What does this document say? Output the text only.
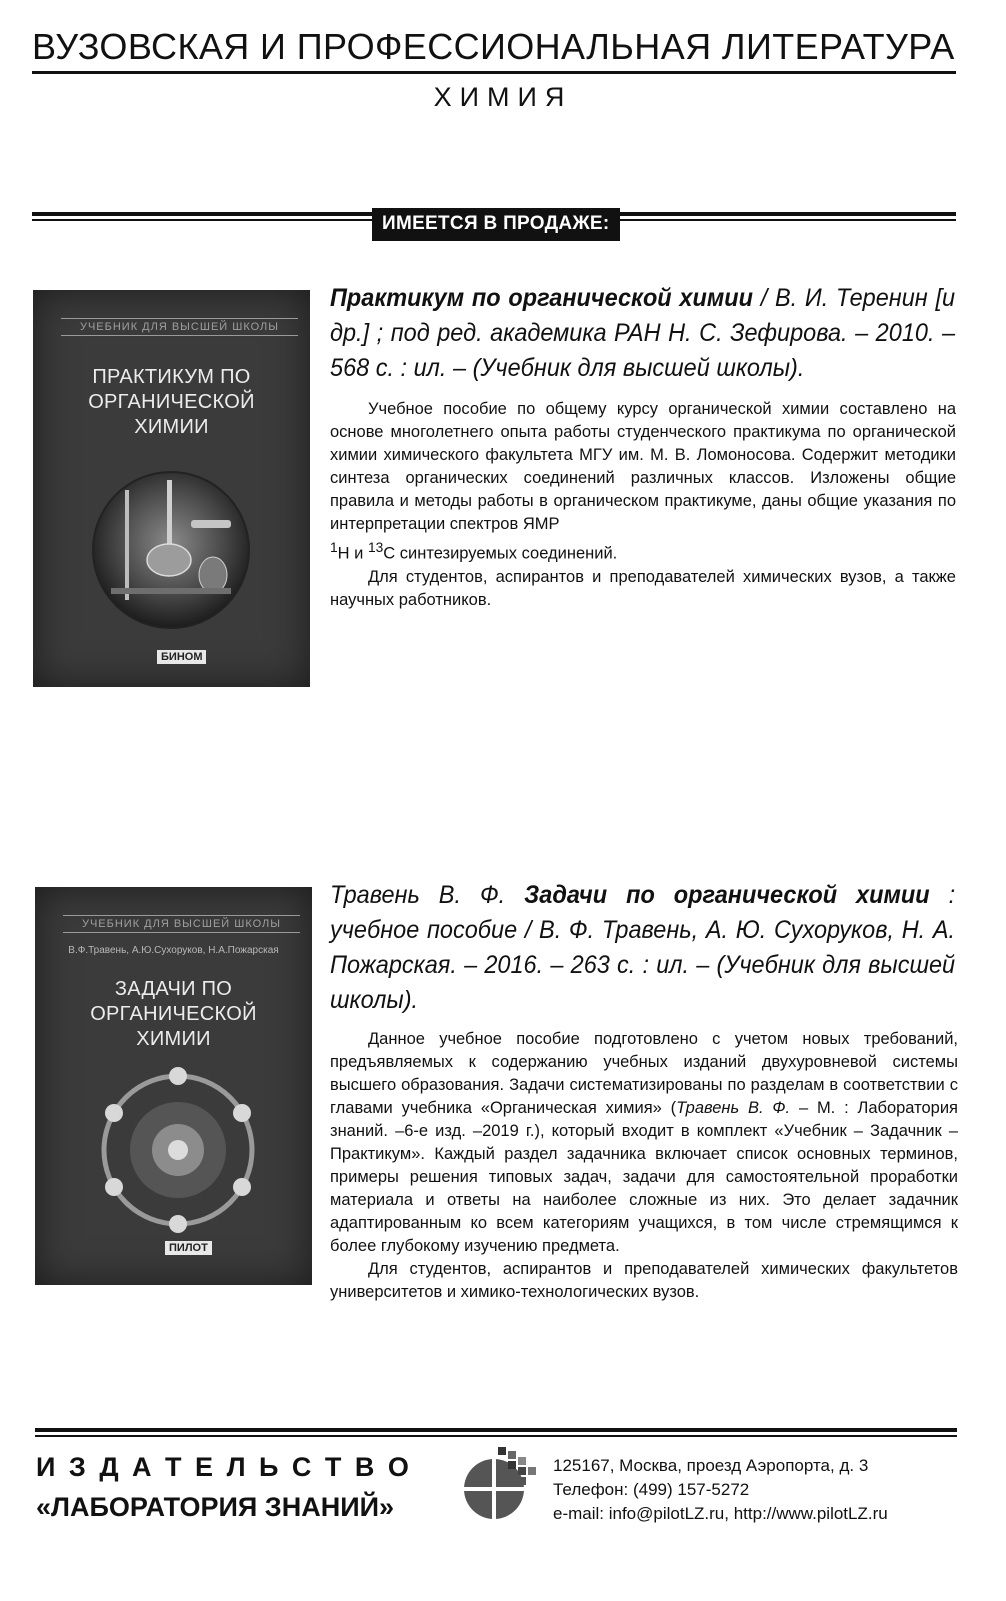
ВУЗОВСКАЯ И ПРОФЕССИОНАЛЬНАЯ ЛИТЕРАТУРА
ХИМИЯ
ИМЕЕТСЯ В ПРОДАЖЕ:
УЧЕБНИК ДЛЯ ВЫСШЕЙ ШКОЛЫ
ПРАКТИКУМ ПО ОРГАНИЧЕСКОЙ ХИМИИ
БИНОМ
Практикум по органической химии / В. И. Теренин [и др.] ; под ред. академика РАН Н. С. Зефирова. – 2010. – 568 с. : ил. – (Учебник для высшей школы).

Учебное пособие по общему курсу органической химии составлено на основе многолетнего опыта работы студенческого практикума по органической химии химического факультета МГУ им. М. В. Ломоносова. Содержит методики синтеза органических соединений различных классов. Изложены общие правила и методы работы в органическом практикуме, даны общие указания по интерпретации спектров ЯМР
$^1$H и $^{13}$C синтезируемых соединений.

Для студентов, аспирантов и преподавателей химических вузов, а также научных работников.

УЧЕБНИК ДЛЯ ВЫСШЕЙ ШКОЛЫ
В.Ф.Травень, А.Ю.Сухоруков, Н.А.Пожарская
ЗАДАЧИ ПО ОРГАНИЧЕСКОЙ ХИМИИ
ПИЛОТ
Травень В. Ф. Задачи по органической химии : учебное пособие / В. Ф. Травень, А. Ю. Сухоруков, Н. А. Пожарская. – 2016. – 263 с. : ил. – (Учебник для высшей школы).

Данное учебное пособие подготовлено с учетом новых требований, предъявляемых к содержанию учебных изданий двухуровневой системы высшего образования. Задачи систематизированы по разделам в соответствии с главами учебника «Органическая химия» (Травень В. Ф. – М. : Лаборатория знаний. –6-е изд. –2019 г.), который входит в комплект «Учебник – Задачник – Практикум». Каждый раздел задачника включает список основных терминов, примеры решения типовых задач, задачи для самостоятельной проработки материала и ответы на наиболее сложные из них. Это делает задачник адаптированным ко всем категориям учащихся, в том числе стремящимся к более глубокому изучению предмета.

Для студентов, аспирантов и преподавателей химических факультетов университетов и химико-технологических вузов.

И З Д А Т Е Л Ь С Т В О
«ЛАБОРАТОРИЯ ЗНАНИЙ»
125167, Москва, проезд Аэропорта, д. 3
Телефон: (499) 157-5272
e-mail: info@pilotLZ.ru, http://www.pilotLZ.ru
